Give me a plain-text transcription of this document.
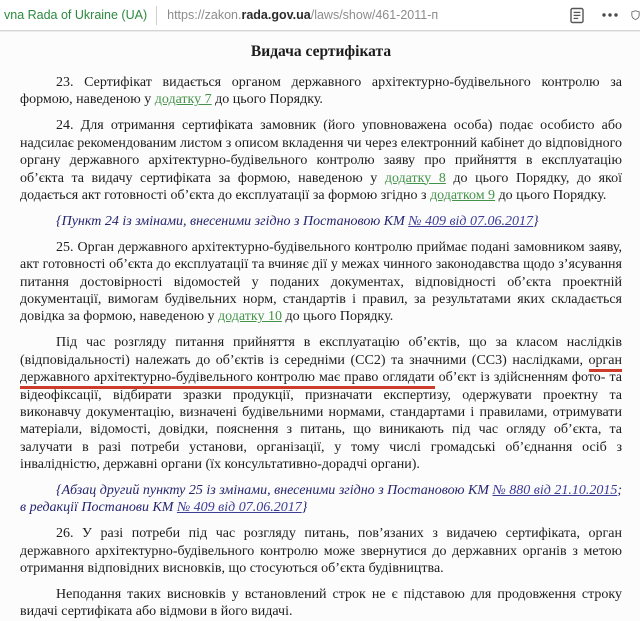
vna Rada of Ukraine (UA) https://zakon.rada.gov.ua/laws/show/461-2011-п
Видача сертифіката

23. Сертифікат видається органом державного архітектурно-будівельного контролю за формою, наведеною у додатку 7 до цього Порядку.

24. Для отримання сертифіката замовник (його уповноважена особа) подає особисто або надсилає рекомендованим листом з описом вкладення чи через електронний кабінет до відповідного органу державного архітектурно-будівельного контролю заяву про прийняття в експлуатацію об’єкта та видачу сертифіката за формою, наведеною у додатку 8 до цього Порядку, до якої додається акт готовності об’єкта до експлуатації за формою згідно з додатком 9 до цього Порядку.

{Пункт 24 із змінами, внесеними згідно з Постановою КМ № 409 від 07.06.2017}

25. Орган державного архітектурно-будівельного контролю приймає подані замовником заяву, акт готовності об’єкта до експлуатації та вчиняє дії у межах чинного законодавства щодо з’ясування питання достовірності відомостей у поданих документах, відповідності об’єкта проектній документації, вимогам будівельних норм, стандартів і правил, за результатами яких складається довідка за формою, наведеною у додатку 10 до цього Порядку.

Під час розгляду питання прийняття в експлуатацію об’єктів, що за класом наслідків (відповідальності) належать до об’єктів із середніми (СС2) та значними (СС3) наслідками, орган державного архітектурно-будівельного контролю має право оглядати об’єкт із здійсненням фото- та відеофіксації, відбирати зразки продукції, призначати експертизу, одержувати проектну та виконавчу документацію, визначені будівельними нормами, стандартами і правилами, отримувати матеріали, відомості, довідки, пояснення з питань, що виникають під час огляду об’єкта, та залучати в разі потреби установи, організації, у тому числі громадські об’єднання осіб з інвалідністю, державні органи (їх консультативно-дорадчі органи).

{Абзац другий пункту 25 із змінами, внесеними згідно з Постановою КМ № 880 від 21.10.2015; в редакції Постанови КМ № 409 від 07.06.2017}

26. У разі потреби під час розгляду питань, пов’язаних з видачею сертифіката, орган державного архітектурно-будівельного контролю може звернутися до державних органів з метою отримання відповідних висновків, що стосуються об’єкта будівництва.

Неподання таких висновків у встановлений строк не є підставою для продовження строку видачі сертифіката або відмови в його видачі.
